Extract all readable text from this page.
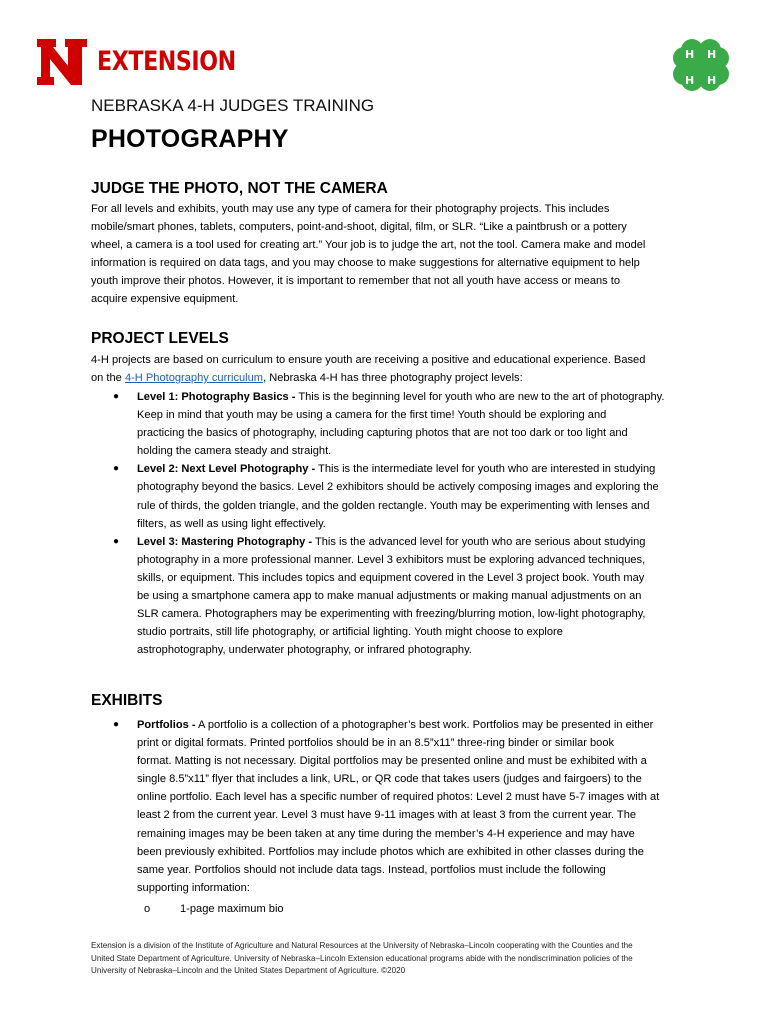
EXTENSION	H H
H H
NEBRASKA 4-H JUDGES TRAINING
PHOTOGRAPHY
JUDGE THE PHOTO, NOT THE CAMERA
For all levels and exhibits, youth may use any type of camera for their photography projects. This includes
mobile/smart phones, tablets, computers, point-and-shoot, digital, film, or SLR. “Like a paintbrush or a pottery
wheel, a camera is a tool used for creating art.” Your job is to judge the art, not the tool. Camera make and model
information is required on data tags, and you may choose to make suggestions for alternative equipment to help
youth improve their photos. However, it is important to remember that not all youth have access or means to
acquire expensive equipment.
PROJECT LEVELS
4-H projects are based on curriculum to ensure youth are receiving a positive and educational experience. Based
on the 4-H Photography curriculum, Nebraska 4-H has three photography project levels:
● Level 1: Photography Basics - This is the beginning level for youth who are new to the art of photography.
Keep in mind that youth may be using a camera for the first time! Youth should be exploring and
practicing the basics of photography, including capturing photos that are not too dark or too light and
holding the camera steady and straight.
● Level 2: Next Level Photography - This is the intermediate level for youth who are interested in studying
photography beyond the basics. Level 2 exhibitors should be actively composing images and exploring the
rule of thirds, the golden triangle, and the golden rectangle. Youth may be experimenting with lenses and
filters, as well as using light effectively.
● Level 3: Mastering Photography - This is the advanced level for youth who are serious about studying
photography in a more professional manner. Level 3 exhibitors must be exploring advanced techniques,
skills, or equipment. This includes topics and equipment covered in the Level 3 project book. Youth may
be using a smartphone camera app to make manual adjustments or making manual adjustments on an
SLR camera. Photographers may be experimenting with freezing/blurring motion, low-light photography,
studio portraits, still life photography, or artificial lighting. Youth might choose to explore
astrophotography, underwater photography, or infrared photography.
EXHIBITS
● Portfolios - A portfolio is a collection of a photographer’s best work. Portfolios may be presented in either
print or digital formats. Printed portfolios should be in an 8.5”x11” three-ring binder or similar book
format. Matting is not necessary. Digital portfolios may be presented online and must be exhibited with a
single 8.5”x11” flyer that includes a link, URL, or QR code that takes users (judges and fairgoers) to the
online portfolio. Each level has a specific number of required photos: Level 2 must have 5-7 images with at
least 2 from the current year. Level 3 must have 9-11 images with at least 3 from the current year. The
remaining images may be been taken at any time during the member’s 4-H experience and may have
been previously exhibited. Portfolios may include photos which are exhibited in other classes during the
same year. Portfolios should not include data tags. Instead, portfolios must include the following
supporting information:
o	1-page maximum bio
Extension is a division of the Institute of Agriculture and Natural Resources at the University of Nebraska–Lincoln cooperating with the Counties and the
United State Department of Agriculture. University of Nebraska–Lincoln Extension educational programs abide with the nondiscrimination policies of the
University of Nebraska–Lincoln and the United States Department of Agriculture. ©2020
